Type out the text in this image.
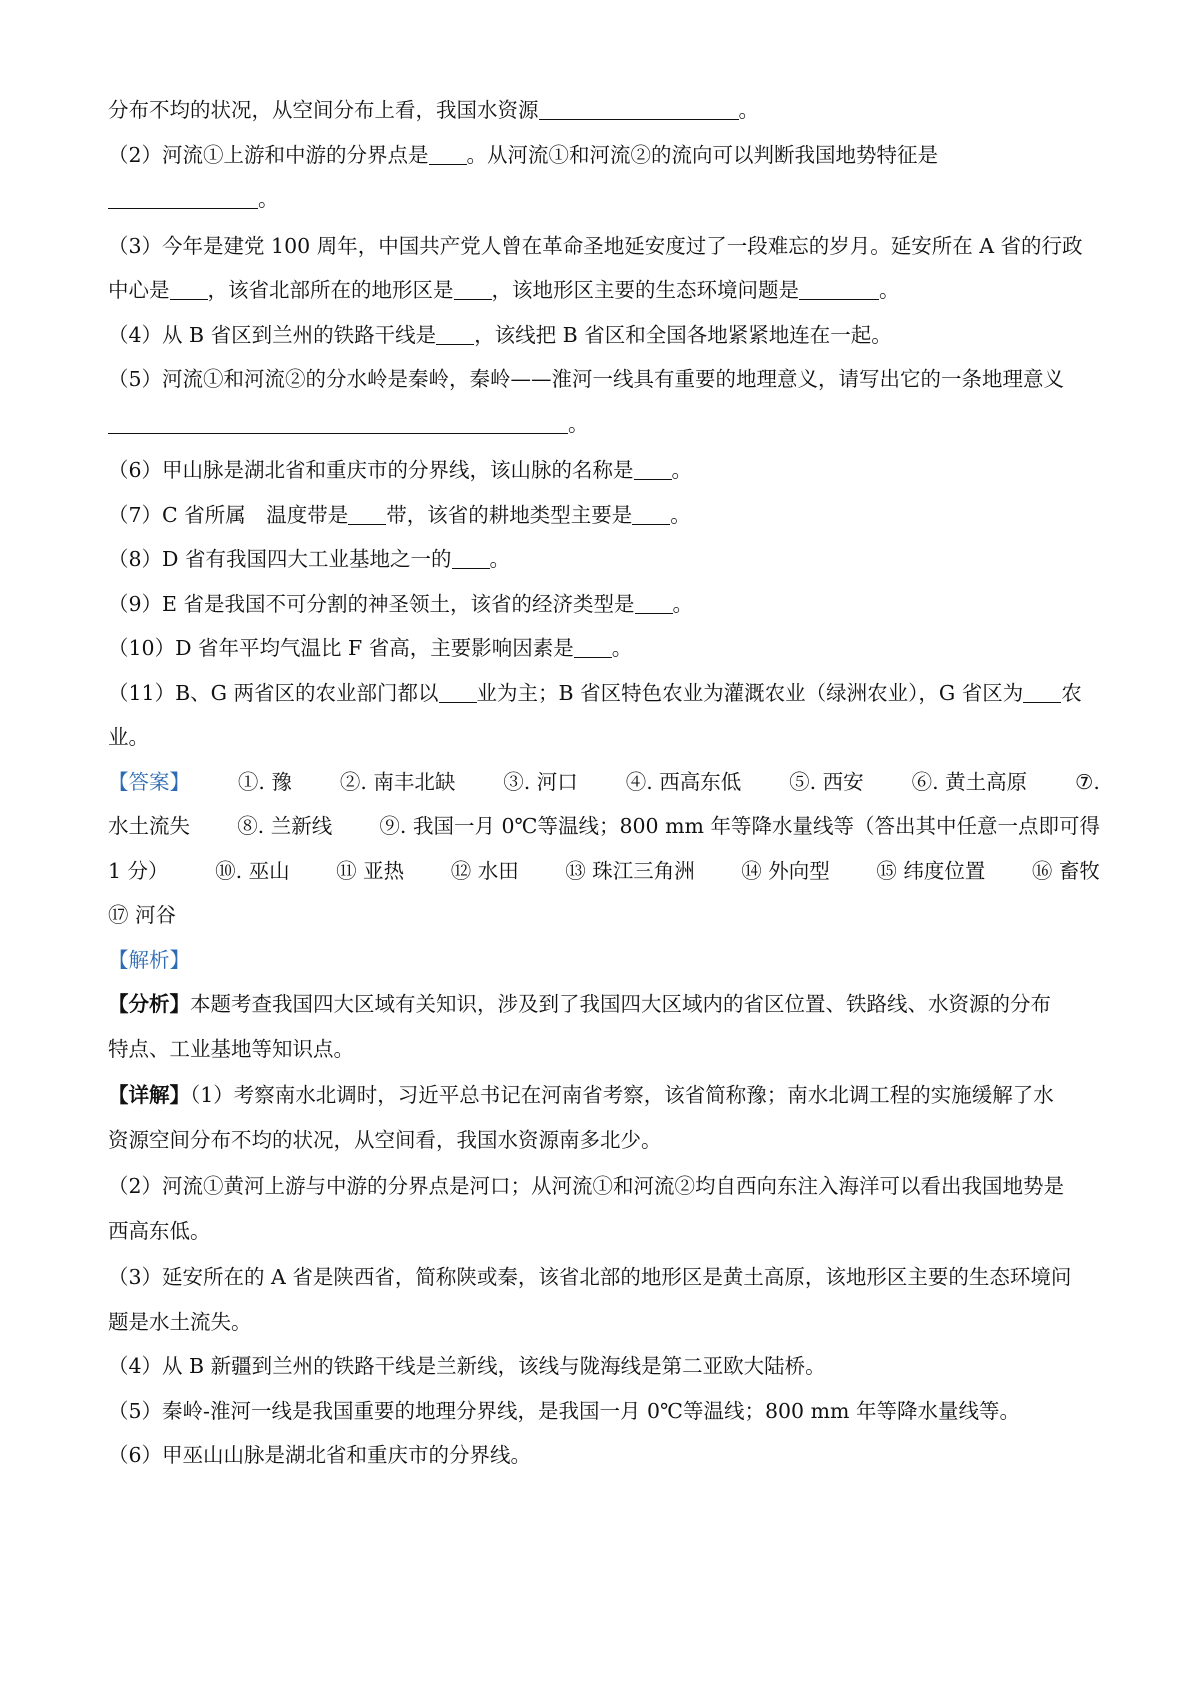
分布不均的状况，从空间分布上看，我国水资源	。
（2）河流①上游和中游的分界点是 。从河流①和河流②的流向可以判断我国地势特征是
。
（3）今年是建党 100 周年，中国共产党人曾在革命圣地延安度过了一段难忘的岁月。延安所在 A 省的行政
中心是 ，该省北部所在的地形区是 ，该地形区主要的生态环境问题是	。
（4）从 B 省区到兰州的铁路干线是 ，该线把 B 省区和全国各地紧紧地连在一起。
（5）河流①和河流②的分水岭是秦岭，秦岭——淮河一线具有重要的地理意义，请写出它的一条地理意义
。
（6）甲山脉是湖北省和重庆市的分界线，该山脉的名称是 。
（7）C 省所属　温度带是 带，该省的耕地类型主要是 。
（8）D 省有我国四大工业基地之一的 。
（9）E 省是我国不可分割的神圣领土，该省的经济类型是 。
（10）D 省年平均气温比 F 省高，主要影响因素是 。
（11）B、G 两省区的农业部门都以 业为主；B 省区特色农业为灌溉农业（绿洲农业），G 省区为 农
业。
【答案】 ①. 豫 ②. 南丰北缺 ③. 河口 ④. 西高东低 ⑤. 西安 ⑥. 黄土高原 ⑦.
水土流失 ⑧. 兰新线 ⑨. 我国一月 0℃等温线；800 mm 年等降水量线等（答出其中任意一点即可得
1 分） ⑩. 巫山 ⑪ 亚热 ⑫ 水田 ⑬ 珠江三角洲 ⑭ 外向型 ⑮ 纬度位置 ⑯ 畜牧
⑰ 河谷
【解析】
【分析】本题考查我国四大区域有关知识，涉及到了我国四大区域内的省区位置、铁路线、水资源的分布
特点、工业基地等知识点。
【详解】（1）考察南水北调时，习近平总书记在河南省考察，该省简称豫；南水北调工程的实施缓解了水
资源空间分布不均的状况，从空间看，我国水资源南多北少。
（2）河流①黄河上游与中游的分界点是河口；从河流①和河流②均自西向东注入海洋可以看出我国地势是
西高东低。
（3）延安所在的 A 省是陕西省，简称陕或秦，该省北部的地形区是黄土高原，该地形区主要的生态环境问
题是水土流失。
（4）从 B 新疆到兰州的铁路干线是兰新线，该线与陇海线是第二亚欧大陆桥。
（5）秦岭-淮河一线是我国重要的地理分界线，是我国一月 0℃等温线；800 mm 年等降水量线等。
（6）甲巫山山脉是湖北省和重庆市的分界线。
